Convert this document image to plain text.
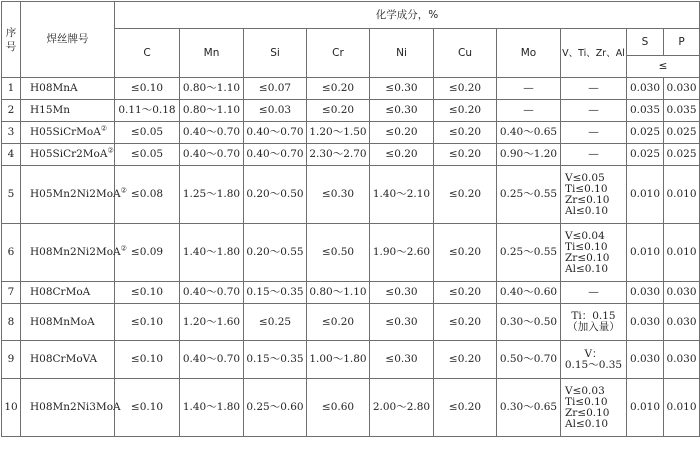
序号	焊丝牌号	化学成分，%									
		C	Mn	Si	Cr	Ni	Cu	Mo	V、Ti、Zr、Al	S	P
										≤	
1	H08MnA	≤0.10	0.80～1.10	≤0.07	≤0.20	≤0.30	≤0.20	—	—	0.030	0.030
2	H15Mn	0.11～0.18	0.80～1.10	≤0.03	≤0.20	≤0.30	≤0.20	—	—	0.035	0.035
3	H05SiCrMoA②	≤0.05	0.40～0.70	0.40～0.70	1.20～1.50	≤0.20	≤0.20	0.40～0.65	—	0.025	0.025
4	H05SiCr2MoA②	≤0.05	0.40～0.70	0.40～0.70	2.30～2.70	≤0.20	≤0.20	0.90～1.20	—	0.025	0.025
5	H05Mn2Ni2MoA②	≤0.08	1.25～1.80	0.20～0.50	≤0.30	1.40～2.10	≤0.20	0.25～0.55	V≤0.05
Ti≤0.10
Zr≤0.10
Al≤0.10	0.010	0.010
6	H08Mn2Ni2MoA②	≤0.09	1.40～1.80	0.20～0.55	≤0.50	1.90～2.60	≤0.20	0.25～0.55	V≤0.04
Ti≤0.10
Zr≤0.10
Al≤0.10	0.010	0.010
7	H08CrMoA	≤0.10	0.40～0.70	0.15～0.35	0.80～1.10	≤0.30	≤0.20	0.40～0.60	—	0.030	0.030
8	H08MnMoA	≤0.10	1.20～1.60	≤0.25	≤0.20	≤0.30	≤0.20	0.30～0.50	Ti：0.15
（加入量）	0.030	0.030
9	H08CrMoVA	≤0.10	0.40～0.70	0.15～0.35	1.00～1.80	≤0.30	≤0.20	0.50～0.70	V：
0.15～0.35	0.030	0.030
10	H08Mn2Ni3MoA	≤0.10	1.40～1.80	0.25～0.60	≤0.60	2.00～2.80	≤0.20	0.30～0.65	V≤0.03
Ti≤0.10
Zr≤0.10
Al≤0.10	0.010	0.010
